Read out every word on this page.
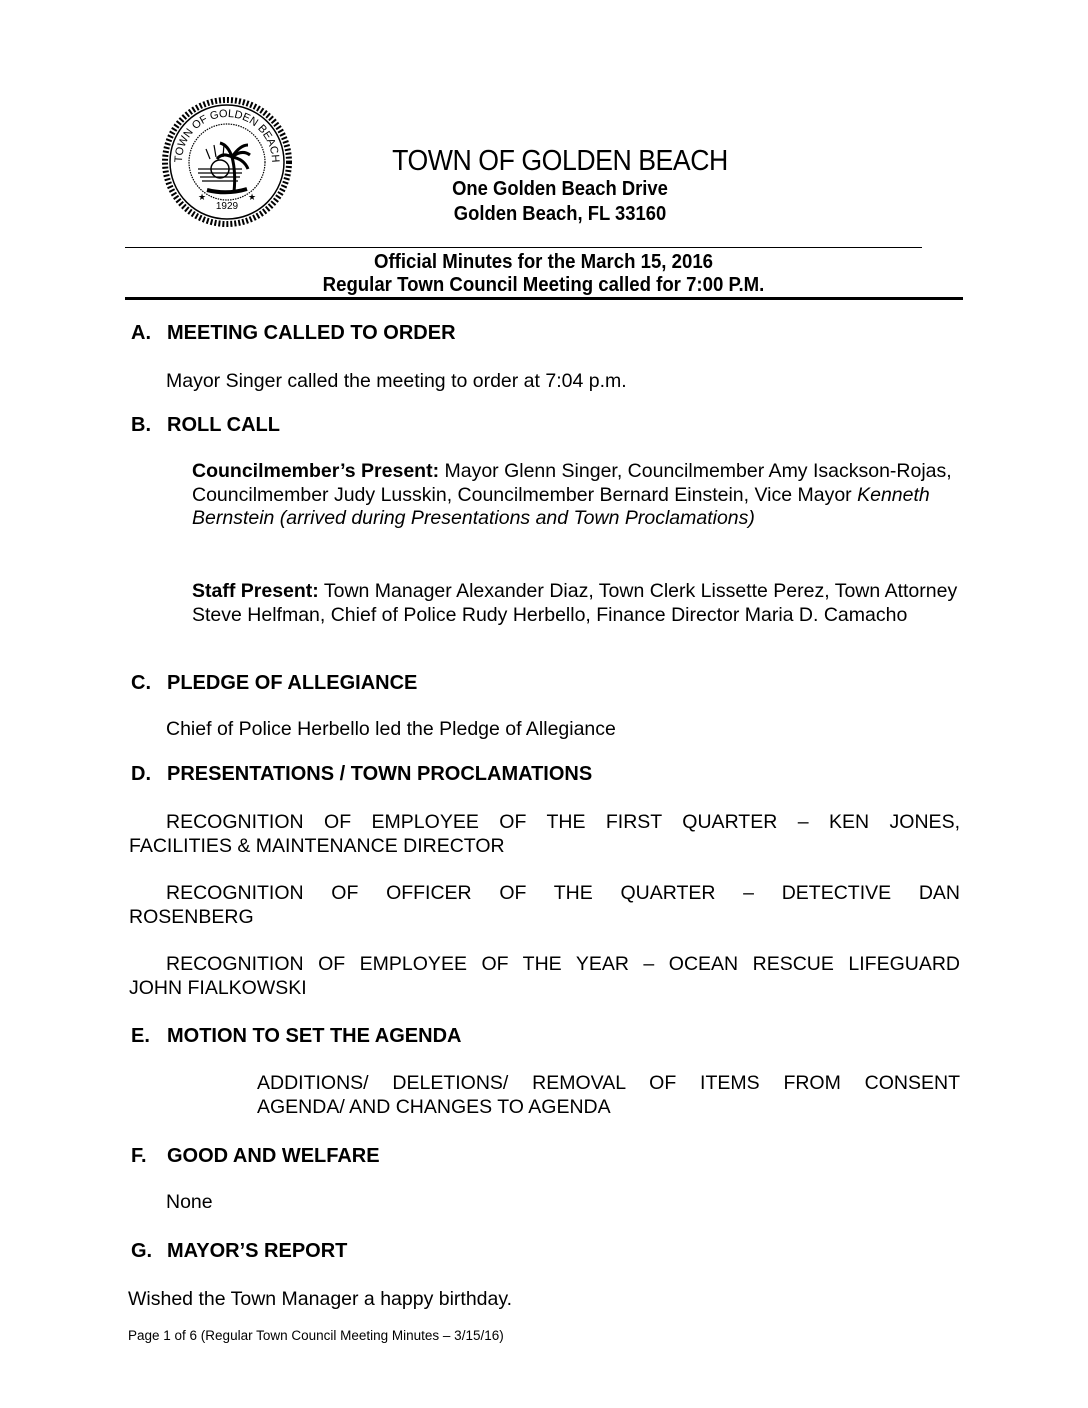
TOWN OF GOLDEN BEACH
1929
★	★
TOWN OF GOLDEN BEACH
One Golden Beach Drive
Golden Beach, FL 33160
Official Minutes for the March 15, 2016
Regular Town Council Meeting called for 7:00 P.M.
A. MEETING CALLED TO ORDER
Mayor Singer called the meeting to order at 7:04 p.m.
B. ROLL CALL
Councilmember’s Present: Mayor Glenn Singer, Councilmember Amy Isackson-Rojas, Councilmember Judy Lusskin, Councilmember Bernard Einstein, Vice Mayor Kenneth Bernstein (arrived during Presentations and Town Proclamations)
Staff Present: Town Manager Alexander Diaz, Town Clerk Lissette Perez, Town Attorney Steve Helfman, Chief of Police Rudy Herbello, Finance Director Maria D. Camacho
C. PLEDGE OF ALLEGIANCE
Chief of Police Herbello led the Pledge of Allegiance
D. PRESENTATIONS / TOWN PROCLAMATIONS
RECOGNITION OF EMPLOYEE OF THE FIRST QUARTER – KEN JONES,
FACILITIES & MAINTENANCE DIRECTOR
RECOGNITION OF OFFICER OF THE QUARTER – DETECTIVE DAN
ROSENBERG
RECOGNITION OF EMPLOYEE OF THE YEAR – OCEAN RESCUE LIFEGUARD
JOHN FIALKOWSKI
E. MOTION TO SET THE AGENDA
ADDITIONS/ DELETIONS/ REMOVAL OF ITEMS FROM CONSENT
AGENDA/ AND CHANGES TO AGENDA
F. GOOD AND WELFARE
None
G. MAYOR’S REPORT
Wished the Town Manager a happy birthday.
Page 1 of 6 (Regular Town Council Meeting Minutes – 3/15/16)
